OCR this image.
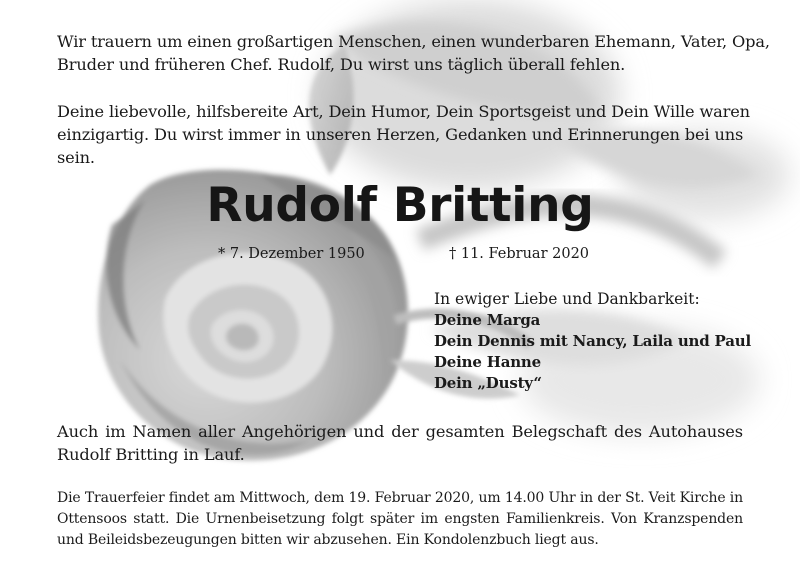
Wir trauern um einen großartigen Menschen, einen wunderbaren Ehemann, Vater, Opa,
Bruder und früheren Chef. Rudolf, Du wirst uns täglich überall fehlen.

Deine liebevolle, hilfsbereite Art, Dein Humor, Dein Sportsgeist und Dein Wille waren
einzigartig. Du wirst immer in unseren Herzen, Gedanken und Erinnerungen bei uns sein.

Rudolf Britting
* 7. Dezember 1950	† 11. Februar 2020
In ewiger Liebe und Dankbarkeit:
Deine Marga
Dein Dennis mit Nancy, Laila und Paul
Deine Hanne
Dein „Dusty“

Auch im Namen aller Angehörigen und der gesamten Belegschaft des Autohauses Rudolf Britting in Lauf.

Die Trauerfeier findet am Mittwoch, dem 19. Februar 2020, um 14.00 Uhr in der St. Veit Kirche in Ottensoos statt. Die Urnenbeisetzung folgt später im engsten Familienkreis. Von Kranzspenden und Beileidsbezeugungen bitten wir abzusehen. Ein Kondolenzbuch liegt aus.
